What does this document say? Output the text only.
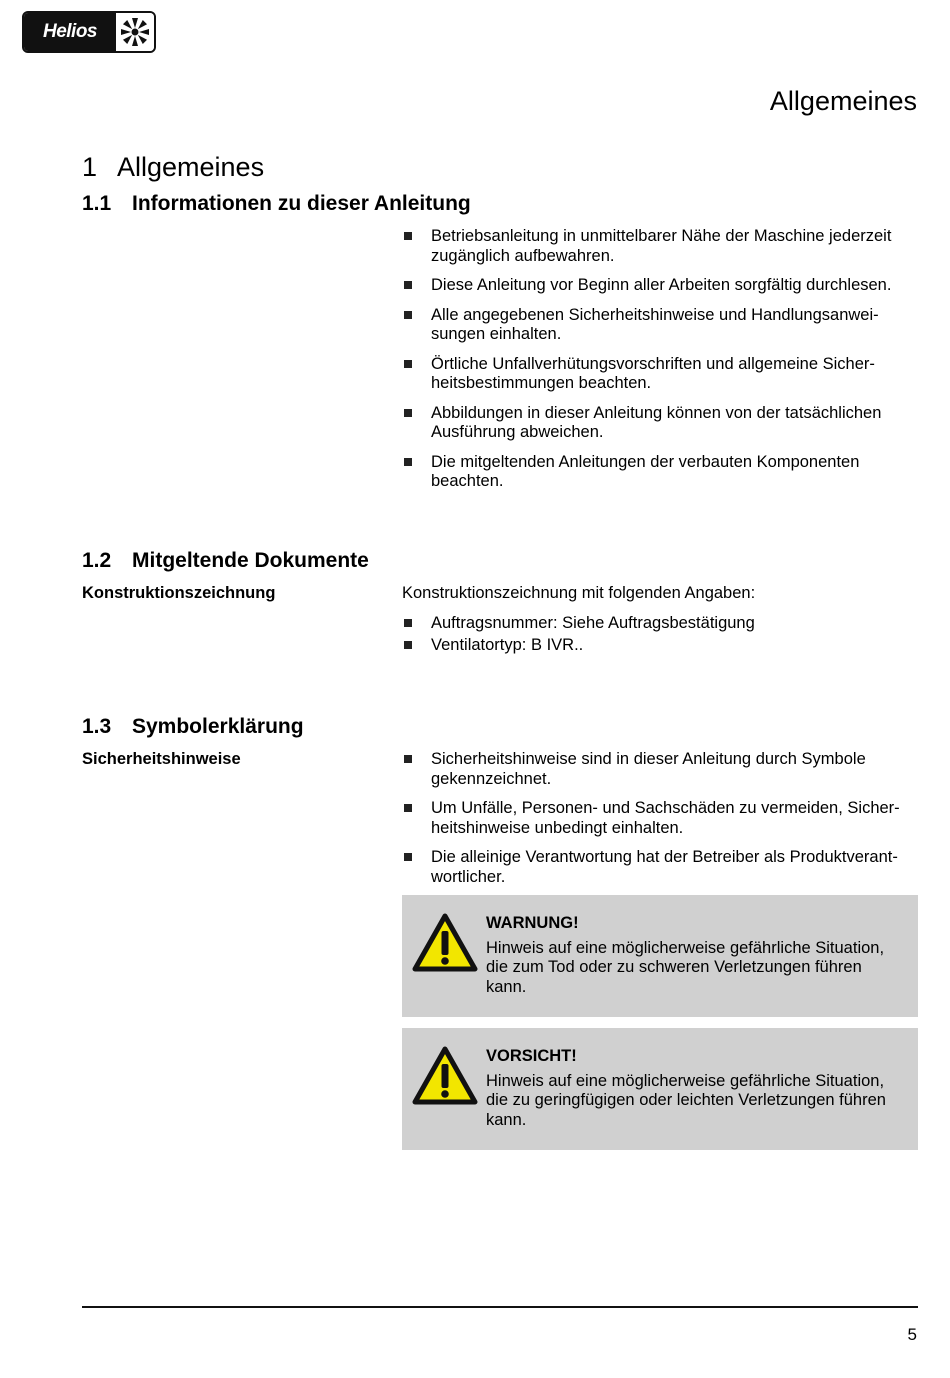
Helios
Allgemeines
1 Allgemeines
1.1 Informationen zu dieser Anleitung
Betriebsanleitung in unmittelbarer Nähe der Maschine jederzeit zugänglich aufbewahren.
Diese Anleitung vor Beginn aller Arbeiten sorgfältig durchlesen.
Alle angegebenen Sicherheitshinweise und Handlungsanwei-sungen einhalten.
Örtliche Unfallverhütungsvorschriften und allgemeine Sicher-heitsbestimmungen beachten.
Abbildungen in dieser Anleitung können von der tatsächlichen Ausführung abweichen.
Die mitgeltenden Anleitungen der verbauten Komponenten beachten.
1.2 Mitgeltende Dokumente
Konstruktionszeichnung	Konstruktionszeichnung mit folgenden Angaben:
Auftragsnummer: Siehe Auftragsbestätigung
Ventilatortyp: B IVR..
1.3 Symbolerklärung
Sicherheitshinweise	Sicherheitshinweise sind in dieser Anleitung durch Symbole gekennzeichnet.
Um Unfälle, Personen- und Sachschäden zu vermeiden, Sicher-heitshinweise unbedingt einhalten.
Die alleinige Verantwortung hat der Betreiber als Produktverant-wortlicher.
WARNUNG!
Hinweis auf eine möglicherweise gefährliche Situation, die zum Tod oder zu schweren Verletzungen führen kann.
VORSICHT!
Hinweis auf eine möglicherweise gefährliche Situation, die zu geringfügigen oder leichten Verletzungen führen kann.
5
